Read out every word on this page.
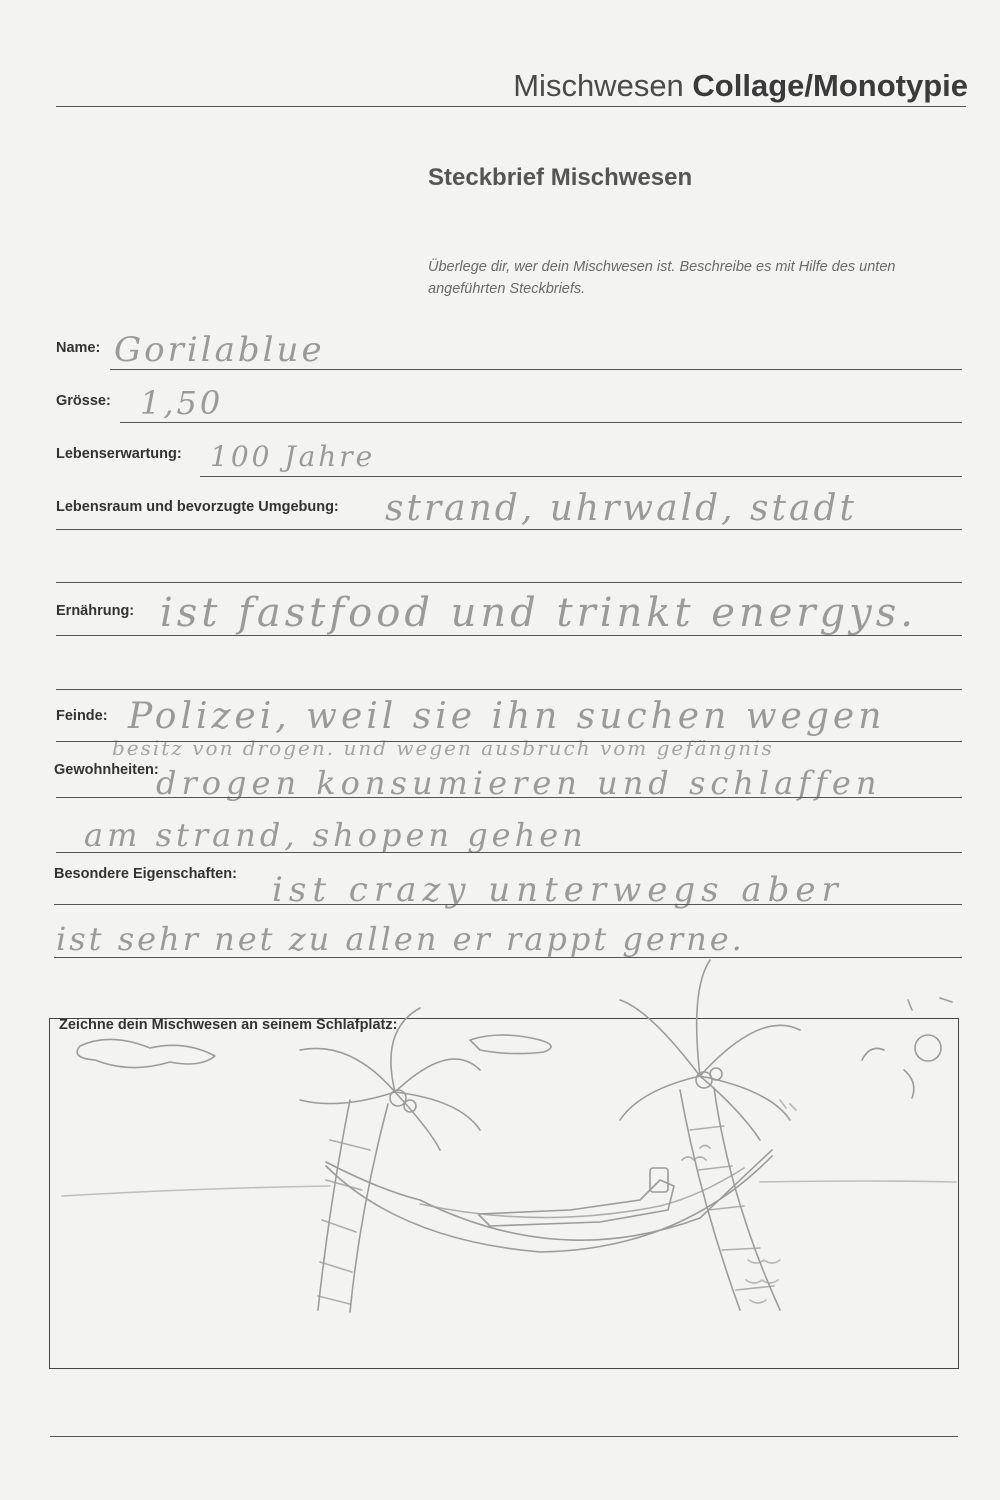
Mischwesen Collage/Monotypie
Steckbrief Mischwesen
Überlege dir, wer dein Mischwesen ist. Beschreibe es mit Hilfe des unten angeführten Steckbriefs.
Name: Gorilablue
Grösse: 1,50
Lebenserwartung: 100 Jahre
Lebensraum und bevorzugte Umgebung: strand, uhrwald, stadt
Ernährung: ist fastfood und trinkt energys.
Feinde: Polizei, weil sie ihn suchen wegen
besitz von drogen. und wegen ausbruch vom gefängnis
Gewohnheiten:
drogen konsumieren und schlaffen
am strand, shopen gehen
Besondere Eigenschaften: ist crazy unterwegs aber
ist sehr net zu allen er rappt gerne.
Zeichne dein Mischwesen an seinem Schlafplatz:
